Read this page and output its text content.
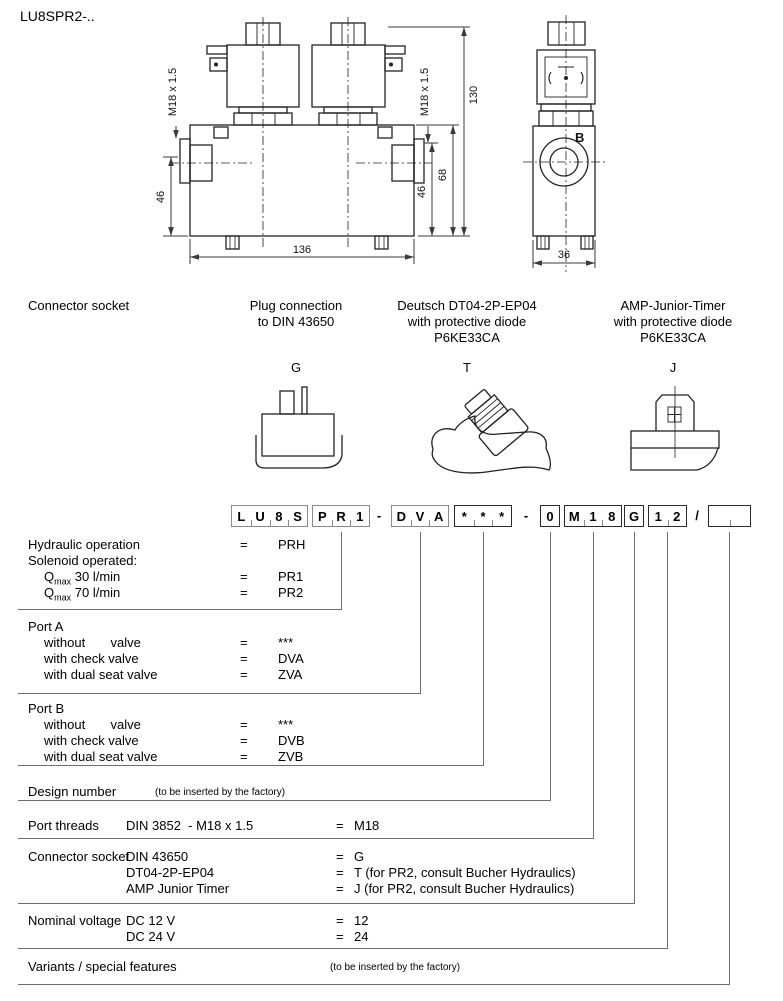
136
130
68
46
46
M18 x 1.5	M18 x 1.5
36
B
LU8SPR2-..
Connector socket	Plug connection
to DIN 43650
Deutsch DT04-2P-EP04
with protective diode
P6KE33CA
AMP-Junior-Timer
with protective diode
P6KE33CA
G	T	J
L U 8 S	P R 1	-	D V A	*	*	*	-	0	M 1 8	G	1 2	/
Hydraulic operation	= PRH
Solenoid operated:
$Q_{max}$ 30 l/min	= PR1
$Q_{max}$ 70 l/min	= PR2
Port A
without       valve	= ***
with check valve	= DVA
with dual seat valve	= ZVA
Port B
without       valve	= ***
with check valve	= DVB
with dual seat valve	= ZVB
Design number	(to be inserted by the factory)
Port threads DIN 3852  - M18 x 1.5	= M18
Connector socket
DIN 43650	= G
DT04-2P-EP04	= T (for PR2, consult Bucher Hydraulics)
AMP Junior Timer	= J (for PR2, consult Bucher Hydraulics)
Nominal voltage DC 12 V	= 12
DC 24 V	= 24
Variants / special features	(to be inserted by the factory)
